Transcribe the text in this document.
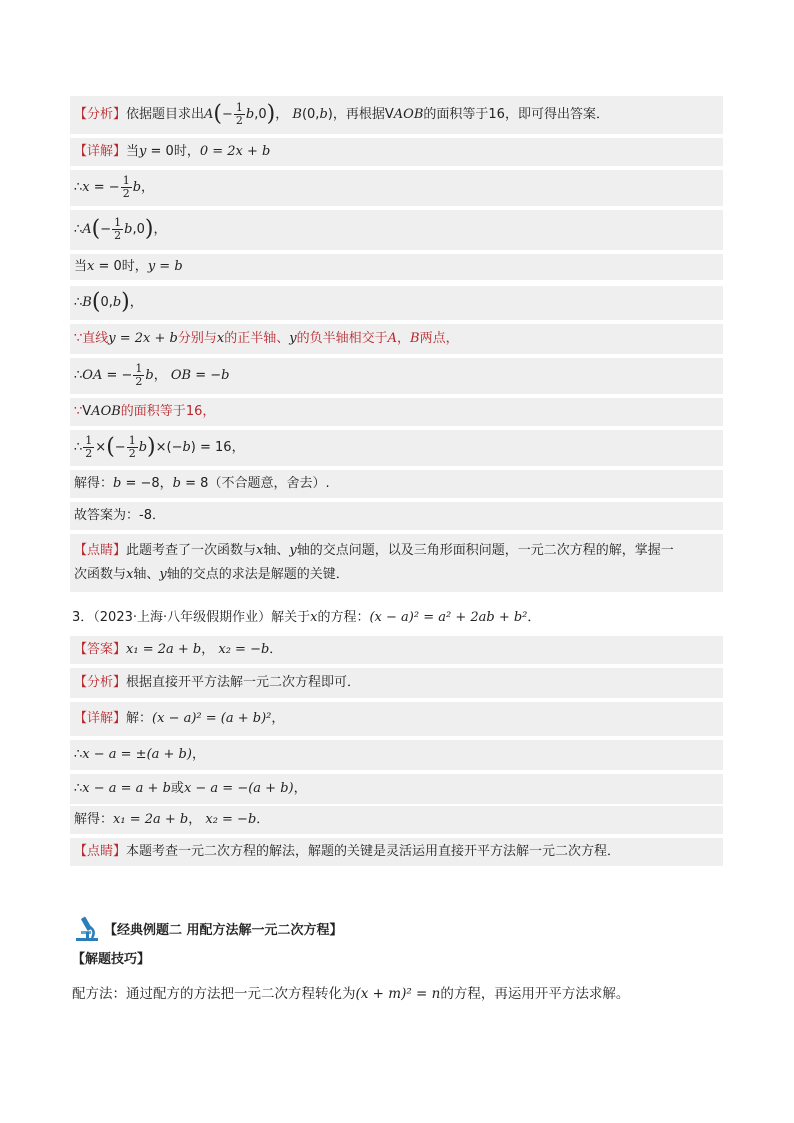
【分析】依据题目求出$A(- \frac{1}{2} b,0)$， B(0,b)，再根据VAOB的面积等于16，即可得出答案．
【详解】当y = 0时，0 = 2x + b
∴x = − $\frac{1}{2}$ b，
∴A(− $\frac{1}{2} b,0$)，
当x = 0时，y = b
∴B(0,b)，
∵直线y = 2x + b分别与x的正半轴、y的负半轴相交于A，B两点，
∴OA = − $\frac{1}{2}$ b， OB = −b
∵VAOB的面积等于16，
∴ $\frac{1}{2}$ ×(− $\frac{1}{2} b)\times(-b) = 16$，
解得：b = −8，b = 8（不合题意，舍去）.
故答案为：-8．
【点睛】此题考查了一次函数与x轴、y轴的交点问题，以及三角形面积问题，一元二次方程的解，掌握一
次函数与x轴、y轴的交点的求法是解题的关键．
3．（2023·上海·八年级假期作业）解关于x的方程：(x − a)² = a² + 2ab + b²．
【答案】x₁ = 2a + b， x₂ = −b．
【分析】根据直接开平方法解一元二次方程即可．
【详解】解：(x − a)² = (a + b)²，
∴x − a = ±(a + b)，
∴x − a = a + b或x − a = −(a + b)，
解得：x₁ = 2a + b， x₂ = −b．
【点睛】本题考查一元二次方程的解法，解题的关键是灵活运用直接开平方法解一元二次方程．
【经典例题二 用配方法解一元二次方程】
【解题技巧】
配方法：通过配方的方法把一元二次方程转化为(x + m)² = n的方程，再运用开平方法求解。
